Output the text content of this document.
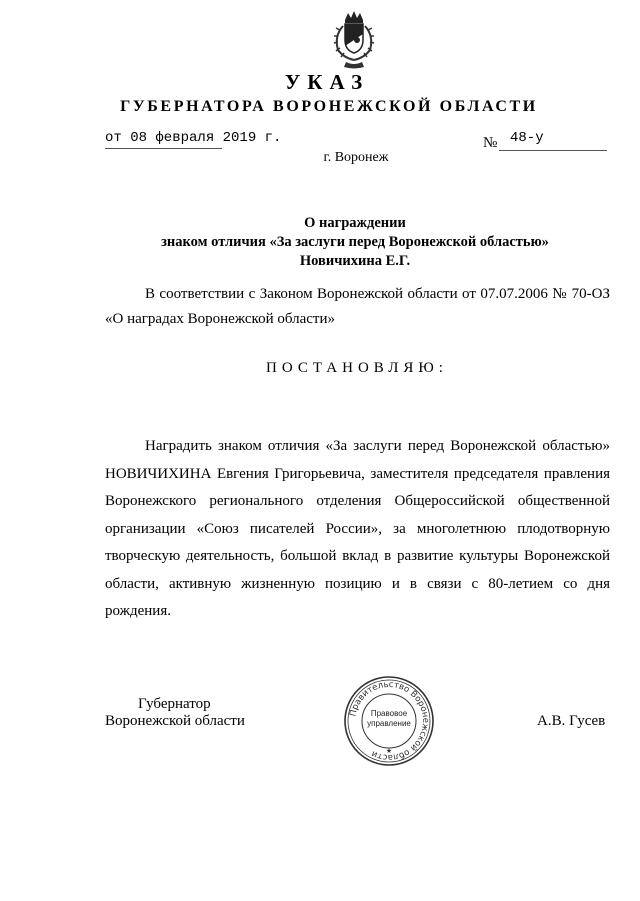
УКАЗ
ГУБЕРНАТОРА ВОРОНЕЖСКОЙ ОБЛАСТИ
от 08 февраля 2019 г.	№ 48-у
г. Воронеж
О награждении
знаком отличия «За заслуги перед Воронежской областью»
Новичихина Е.Г.
В соответствии с Законом Воронежской области от 07.07.2006 № 70-ОЗ «О наградах Воронежской области»
ПОСТАНОВЛЯЮ:
Наградить знаком отличия «За заслуги перед Воронежской областью» НОВИЧИХИНА Евгения Григорьевича, заместителя председателя правления Воронежского регионального отделения Общероссийской общественной организации «Союз писателей России», за многолетнюю плодотворную творческую деятельность, большой вклад в развитие культуры Воронежской области, активную жизненную позицию и в связи с 80-летием со дня рождения.
Губернатор
Воронежской области	А.В. Гусев
Правительство Воронежской области ★
Правовое
управление
